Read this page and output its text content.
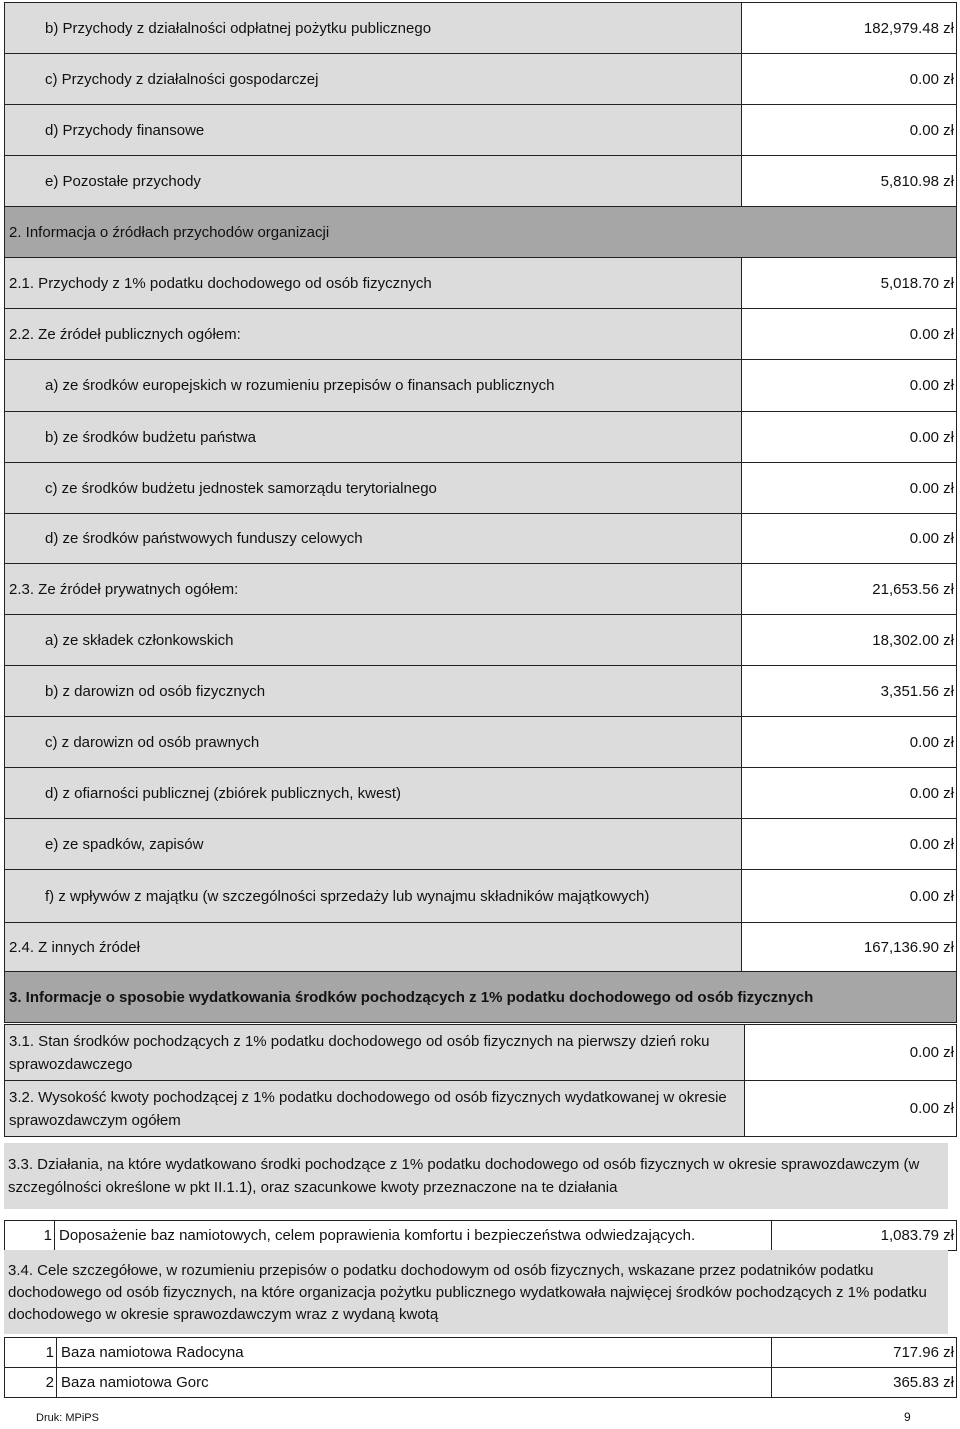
b) Przychody z działalności odpłatnej pożytku publicznego	182,979.48 zł
c) Przychody z działalności gospodarczej	0.00 zł
d) Przychody finansowe	0.00 zł
e) Pozostałe przychody	5,810.98 zł
2. Informacja o źródłach przychodów organizacji	
2.1. Przychody z 1% podatku dochodowego od osób fizycznych	5,018.70 zł
2.2. Ze źródeł publicznych ogółem:	0.00 zł
a) ze środków europejskich w rozumieniu przepisów o finansach publicznych	0.00 zł
b) ze środków budżetu państwa	0.00 zł
c) ze środków budżetu jednostek samorządu terytorialnego	0.00 zł
d) ze środków państwowych funduszy celowych	0.00 zł
2.3. Ze źródeł prywatnych ogółem:	21,653.56 zł
a) ze składek członkowskich	18,302.00 zł
b) z darowizn od osób fizycznych	3,351.56 zł
c) z darowizn od osób prawnych	0.00 zł
d) z ofiarności publicznej (zbiórek publicznych, kwest)	0.00 zł
e) ze spadków, zapisów	0.00 zł
f) z wpływów z majątku (w szczególności sprzedaży lub wynajmu składników majątkowych)	0.00 zł
2.4. Z innych źródeł	167,136.90 zł
3. Informacje o sposobie wydatkowania środków pochodzących z 1% podatku dochodowego od osób fizycznych	
3.1. Stan środków pochodzących z 1% podatku dochodowego od osób fizycznych na pierwszy dzień roku sprawozdawczego	0.00 zł
3.2. Wysokość kwoty pochodzącej z 1% podatku dochodowego od osób fizycznych wydatkowanej w okresie sprawozdawczym ogółem	0.00 zł
3.3. Działania, na które wydatkowano środki pochodzące z 1% podatku dochodowego od osób fizycznych w okresie sprawozdawczym (w szczególności określone w pkt II.1.1), oraz szacunkowe kwoty przeznaczone na te działania
1	Doposażenie baz namiotowych, celem poprawienia komfortu i bezpieczeństwa odwiedzających.	1,083.79 zł
3.4. Cele szczegółowe, w rozumieniu przepisów o podatku dochodowym od osób fizycznych, wskazane przez podatników podatku dochodowego od osób fizycznych, na które organizacja pożytku publicznego wydatkowała najwięcej środków pochodzących z 1% podatku dochodowego w okresie sprawozdawczym wraz z wydaną kwotą
1	Baza namiotowa Radocyna	717.96 zł
2	Baza namiotowa Gorc	365.83 zł
Druk: MPiPS	9
